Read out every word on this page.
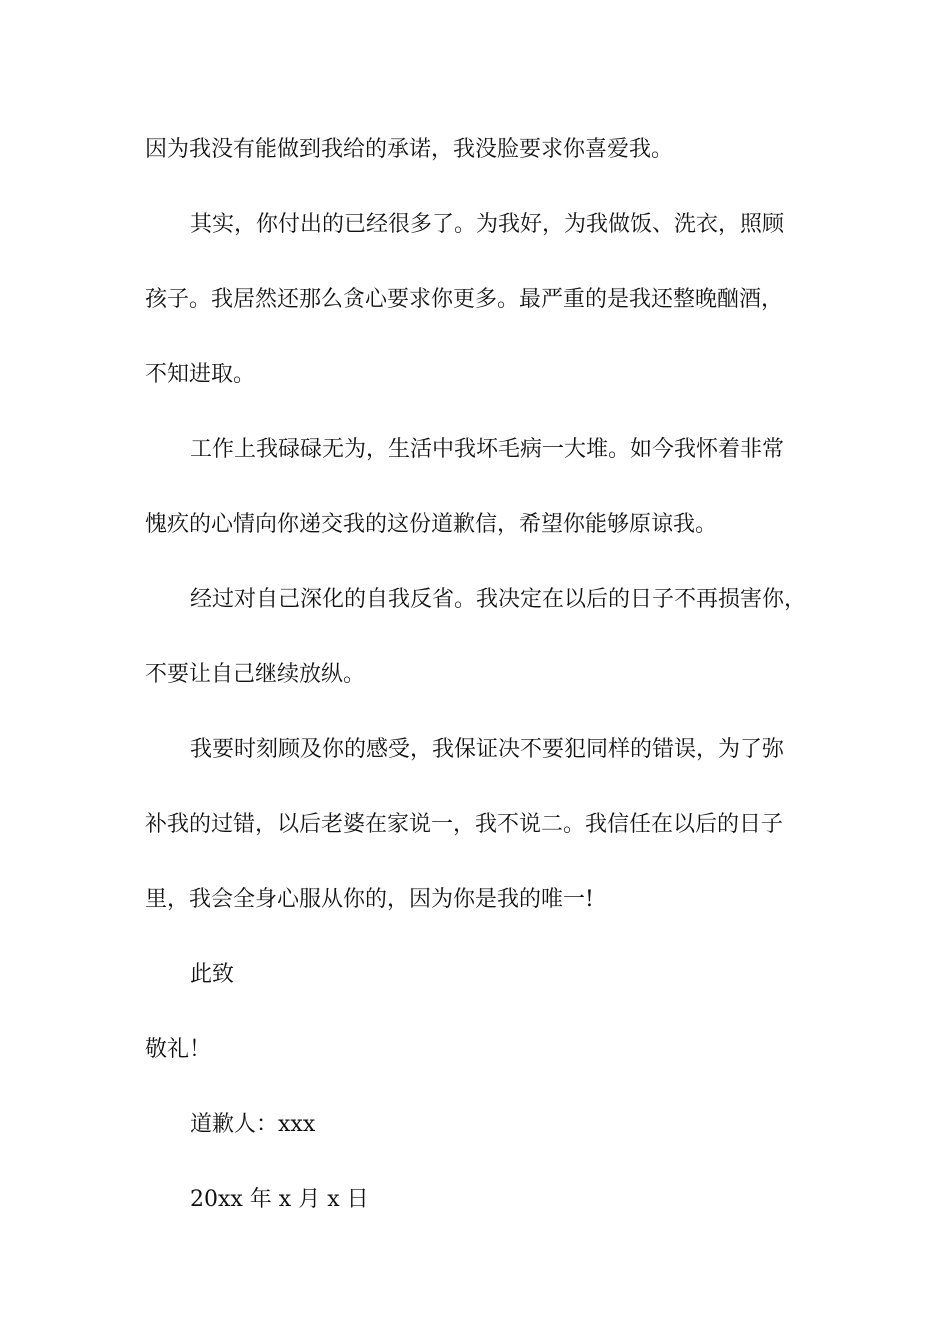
因为我没有能做到我给的承诺，我没脸要求你喜爱我。
其实，你付出的已经很多了。为我好，为我做饭、洗衣，照顾
孩子。我居然还那么贪心要求你更多。最严重的是我还整晚酗酒，
不知进取。
工作上我碌碌无为，生活中我坏毛病一大堆。如今我怀着非常
愧疚的心情向你递交我的这份道歉信，希望你能够原谅我。
经过对自己深化的自我反省。我决定在以后的日子不再损害你，
不要让自己继续放纵。
我要时刻顾及你的感受，我保证决不要犯同样的错误，为了弥
补我的过错，以后老婆在家说一，我不说二。我信任在以后的日子
里，我会全身心服从你的，因为你是我的唯一!
此致
敬礼！
道歉人：xxx
20xx 年 x 月 x 日
